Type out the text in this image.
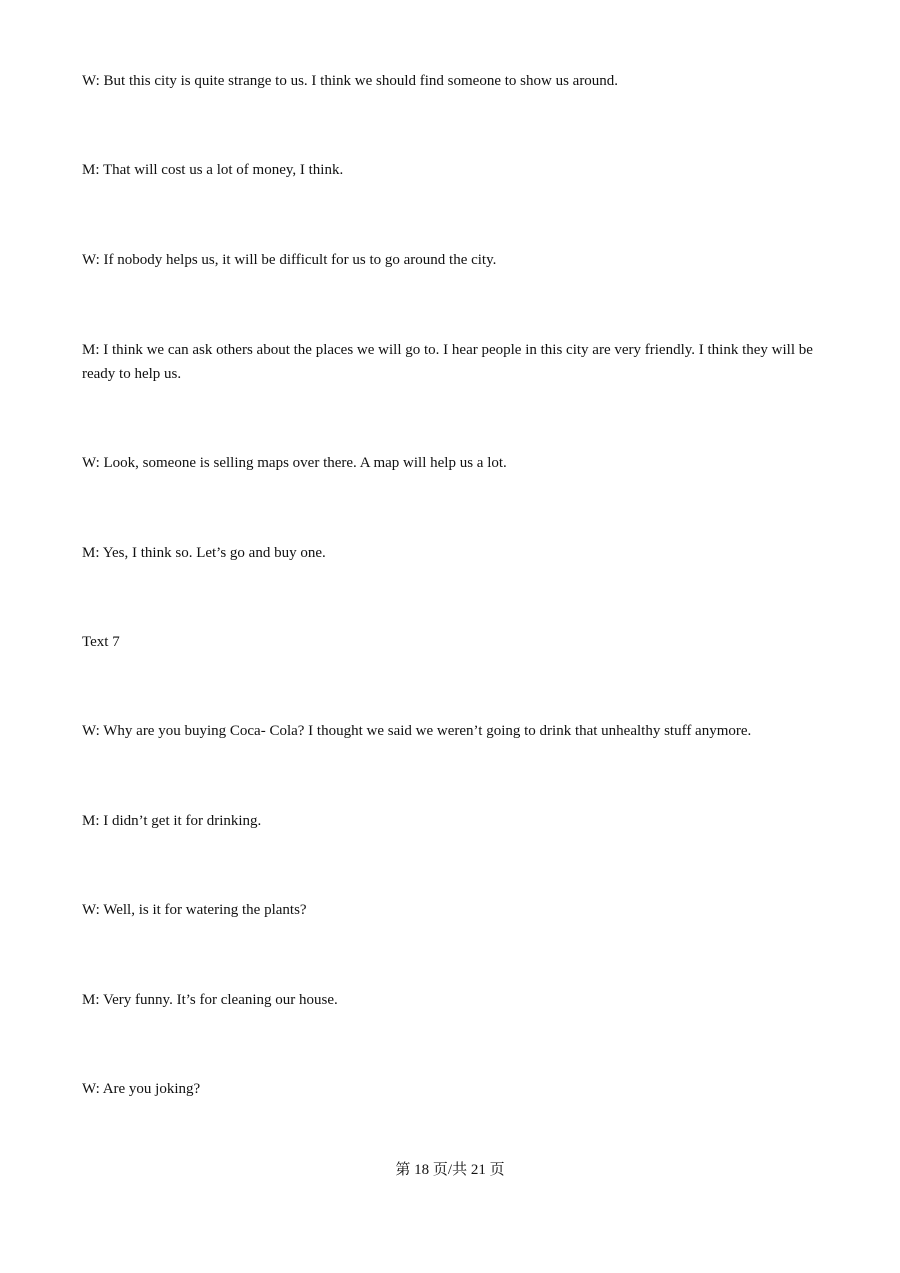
W: But this city is quite strange to us. I think we should find someone to show us around.

M: That will cost us a lot of money, I think.

W: If nobody helps us, it will be difficult for us to go around the city.

M: I think we can ask others about the places we will go to. I hear people in this city are very friendly. I think they will be ready to help us.

W: Look, someone is selling maps over there. A map will help us a lot.

M: Yes, I think so. Let’s go and buy one.

Text 7

W: Why are you buying Coca- Cola? I thought we said we weren’t going to drink that unhealthy stuff anymore.

M: I didn’t get it for drinking.

W: Well, is it for watering the plants?

M: Very funny. It’s for cleaning our house.

W: Are you joking?

第 18 页/共 21 页
